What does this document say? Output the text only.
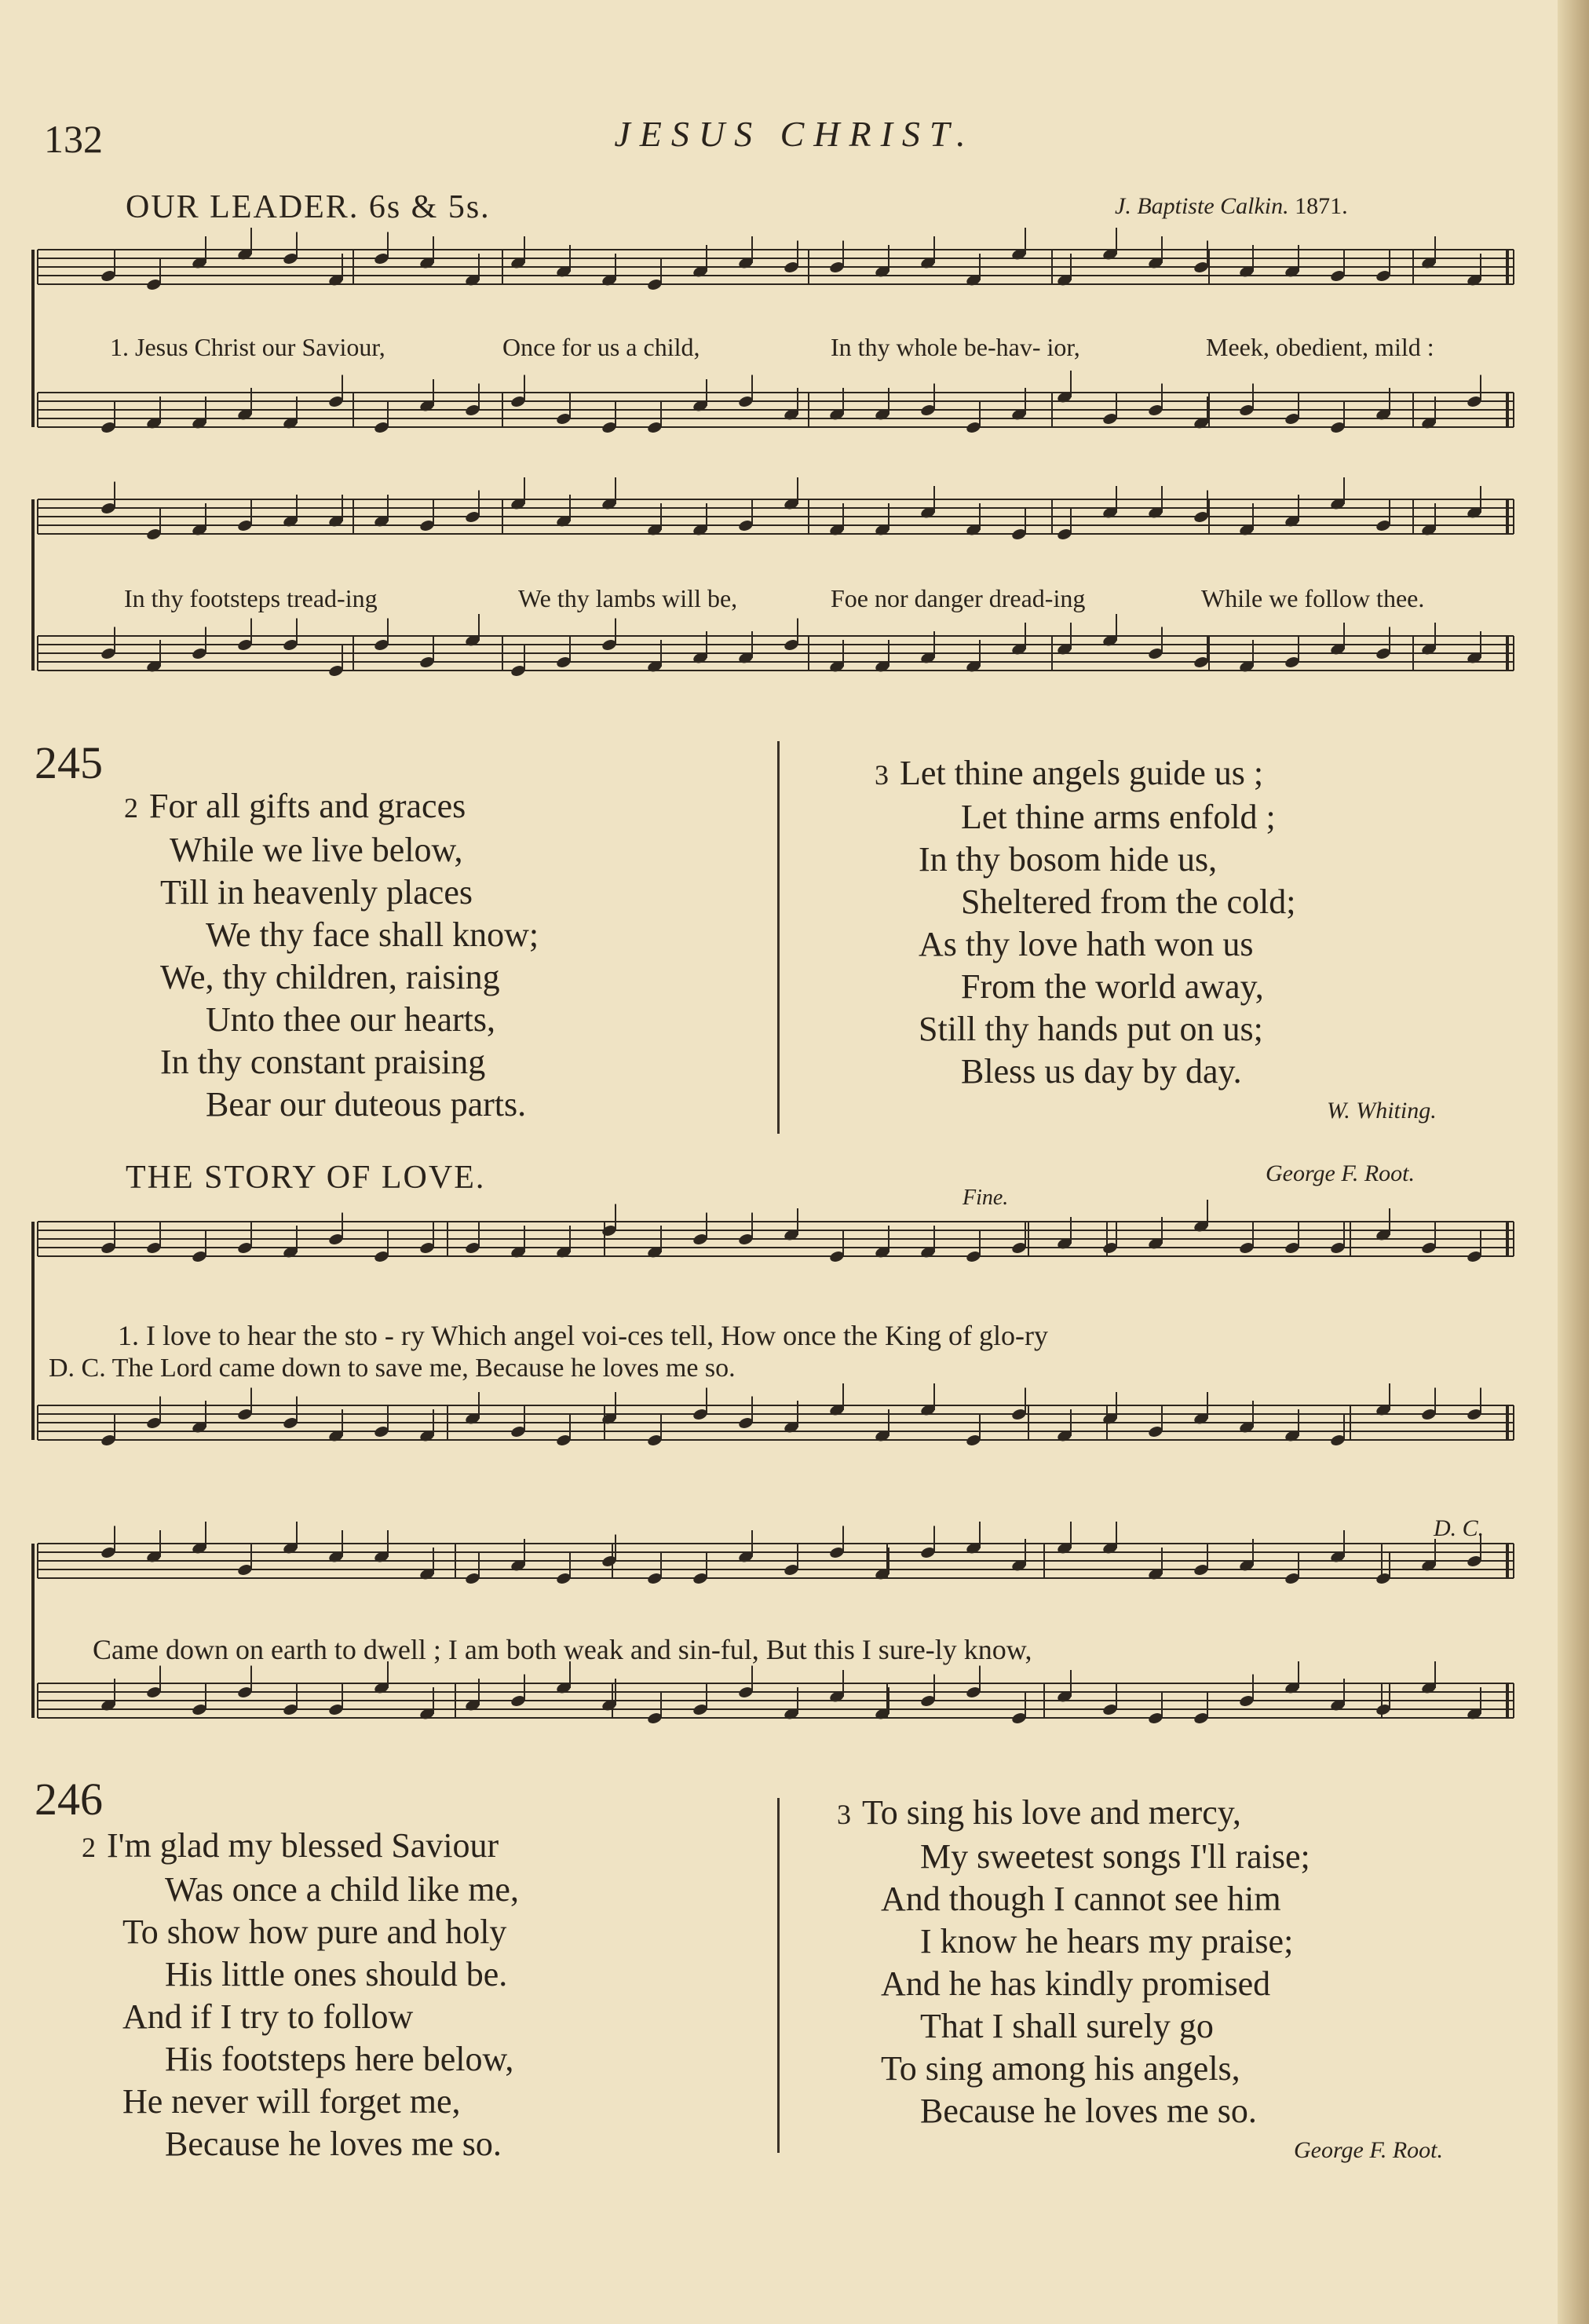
132	JESUS CHRIST.
OUR LEADER. 6s & 5s.	J. Baptiste Calkin. 1871.
1. Jesus Christ our Saviour,	Once for us a child,	In thy whole be-hav- ior,	Meek, obedient, mild :
In thy footsteps tread-ing	We thy lambs will be,	Foe nor danger dread-ing	While we follow thee.
245
2 For all gifts and graces
While we live below,
Till in heavenly places
We thy face shall know;
We, thy children, raising
Unto thee our hearts,
In thy constant praising
Bear our duteous parts.
3 Let thine angels guide us ;
Let thine arms enfold ;
In thy bosom hide us,
Sheltered from the cold;
As thy love hath won us
From the world away,
Still thy hands put on us;
Bless us day by day.
W. Whiting.
THE STORY OF LOVE.	George F. Root.
Fine.
1. I love to hear the sto - ry Which angel voi-ces tell, How once the King of glo-ry
D. C. The Lord came down to save me, Because he loves me so.
D. C.
Came down on earth to dwell ; I am both weak and sin-ful, But this I sure-ly know,
246
2 I'm glad my blessed Saviour
Was once a child like me,
To show how pure and holy
His little ones should be.
And if I try to follow
His footsteps here below,
He never will forget me,
Because he loves me so.
3 To sing his love and mercy,
My sweetest songs I'll raise;
And though I cannot see him
I know he hears my praise;
And he has kindly promised
That I shall surely go
To sing among his angels,
Because he loves me so.
George F. Root.
